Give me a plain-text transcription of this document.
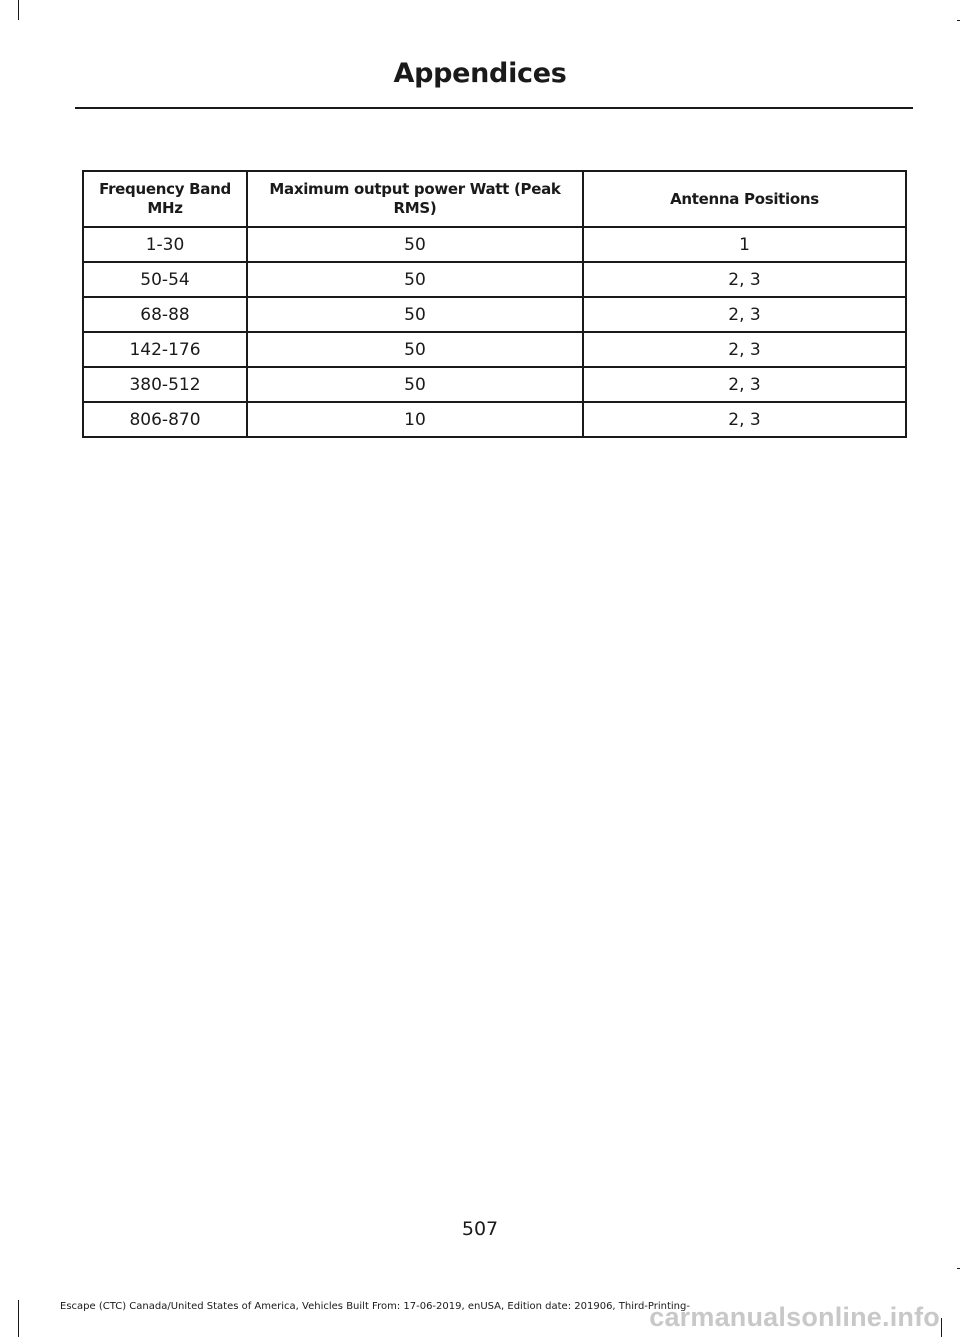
Appendices
Frequency Band MHz	Maximum output power Watt (Peak RMS)	Antenna Positions
1-30	50	1
50-54	50	2, 3
68-88	50	2, 3
142-176	50	2, 3
380-512	50	2, 3
806-870	10	2, 3
507
Escape (CTC) Canada/United States of America, Vehicles Built From: 17-06-2019, enUSA, Edition date: 201906, Third-Printing-
carmanualsonline.info
